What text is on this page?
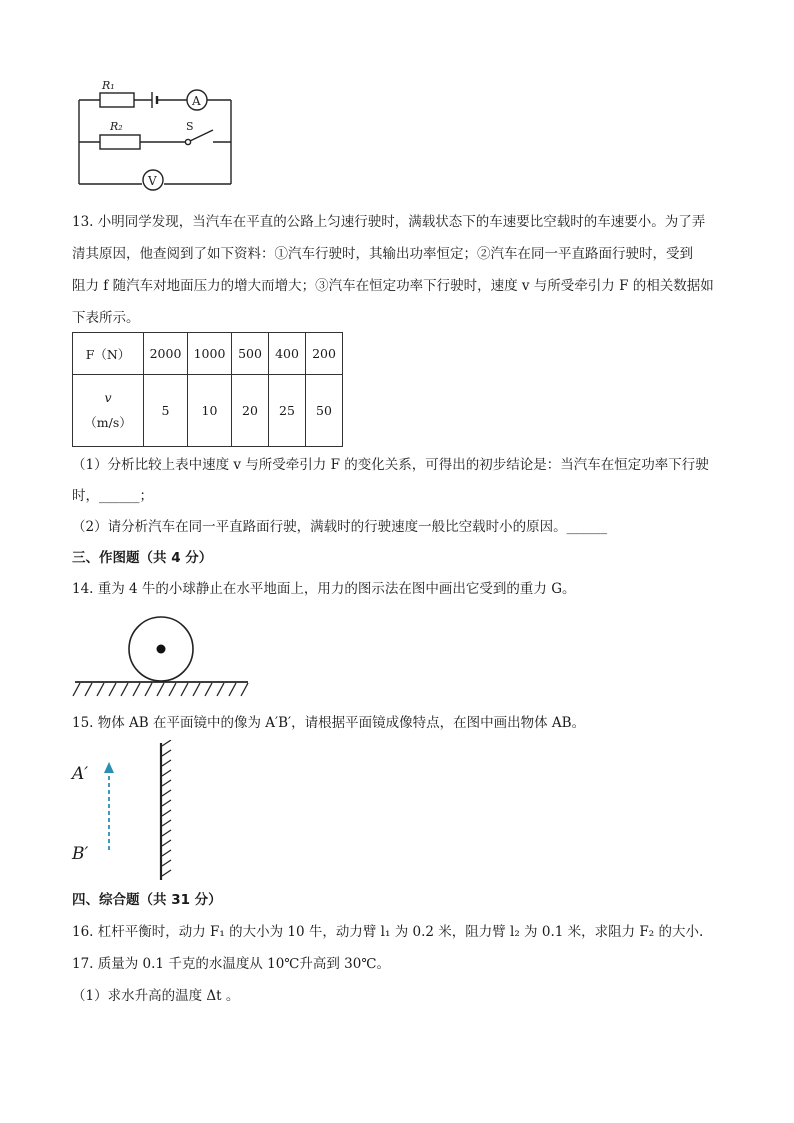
R₁
R₂
A
V
S
13. 小明同学发现，当汽车在平直的公路上匀速行驶时，满载状态下的车速要比空载时的车速要小。为了弄
清其原因，他查阅到了如下资料：①汽车行驶时，其输出功率恒定；②汽车在同一平直路面行驶时，受到
阻力 f 随汽车对地面压力的增大而增大；③汽车在恒定功率下行驶时，速度 v 与所受牵引力 F 的相关数据如
下表所示。
F（N）	2000	1000	500	400	200

v
（m/s）	5	10	20	25	50
（1）分析比较上表中速度 v 与所受牵引力 F 的变化关系，可得出的初步结论是：当汽车在恒定功率下行驶
时，______；
（2）请分析汽车在同一平直路面行驶，满载时的行驶速度一般比空载时小的原因。______
三、作图题（共 4 分）
14. 重为 4 牛的小球静止在水平地面上，用力的图示法在图中画出它受到的重力 G。
15. 物体 AB 在平面镜中的像为 A′B′，请根据平面镜成像特点，在图中画出物体 AB。
A′
B′
四、综合题（共 31 分）
16. 杠杆平衡时，动力 F₁ 的大小为 10 牛，动力臂 l₁ 为 0.2 米，阻力臂 l₂ 为 0.1 米，求阻力 F₂ 的大小.
17. 质量为 0.1 千克的水温度从 10℃升高到 30℃。
（1）求水升高的温度 Δt 。
